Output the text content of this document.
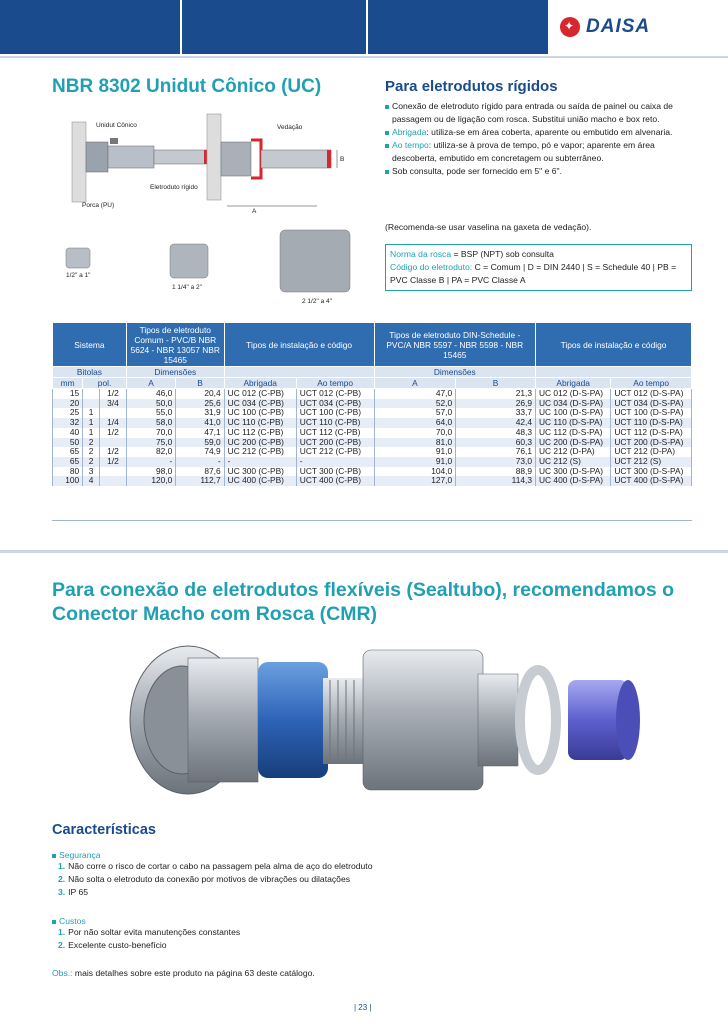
✦
DAISA
NBR 8302 Unidut Cônico (UC)
Unidut Cônico
Eletroduto rígido
Porca (PU)
Vedação
A
B
1/2" a 1"
1 1/4" a 2"
2 1/2" a 4"
Para eletrodutos rígidos
Conexão de eletroduto rígido para entrada ou saída de painel ou caixa de passagem ou de ligação com rosca. Substitui união macho e box reto.
Abrigada: utiliza-se em área coberta, aparente ou embutido em alvenaria.
Ao tempo: utiliza-se à prova de tempo, pó e vapor; aparente em área descoberta, embutido em concretagem ou subterrâneo.
Sob consulta, pode ser fornecido em 5" e 6".
(Recomenda-se usar vaselina na gaxeta de vedação).
Norma da rosca = BSP (NPT) sob consulta
Código do eletroduto: C = Comum | D = DIN 2440 | S = Schedule 40 | PB = PVC Classe B | PA = PVC Classe A
Sistema			Tipos de eletroduto Comum - PVC/B NBR 5624 - NBR 13057 NBR 15465		Tipos de instalação e código		Tipos de eletroduto DIN-Schedule - PVC/A NBR 5597 - NBR 5598 - NBR 15465		Tipos de instalação e código	
Bitolas			Dimensões				Dimensões			
mm	pol.		A	B	Abrigada	Ao tempo	A	B	Abrigada	Ao tempo
15		1/2	46,0	20,4	UC 012 (C-PB)	UCT 012 (C-PB)	47,0	21,3	UC 012 (D-S-PA)	UCT 012 (D-S-PA)
20		3/4	50,0	25,6	UC 034 (C-PB)	UCT 034 (C-PB)	52,0	26,9	UC 034 (D-S-PA)	UCT 034 (D-S-PA)
25	1		55,0	31,9	UC 100 (C-PB)	UCT 100 (C-PB)	57,0	33,7	UC 100 (D-S-PA)	UCT 100 (D-S-PA)
32	1	1/4	58,0	41,0	UC 110 (C-PB)	UCT 110 (C-PB)	64,0	42,4	UC 110 (D-S-PA)	UCT 110 (D-S-PA)
40	1	1/2	70,0	47,1	UC 112 (C-PB)	UCT 112 (C-PB)	70,0	48,3	UC 112 (D-S-PA)	UCT 112 (D-S-PA)
50	2		75,0	59,0	UC 200 (C-PB)	UCT 200 (C-PB)	81,0	60,3	UC 200 (D-S-PA)	UCT 200 (D-S-PA)
65	2	1/2	82,0	74,9	UC 212 (C-PB)	UCT 212 (C-PB)	91,0	76,1	UC 212 (D-PA)	UCT 212 (D-PA)
65	2	1/2	-	-	-	-	91,0	73,0	UC 212 (S)	UCT 212 (S)
80	3		98,0	87,6	UC 300 (C-PB)	UCT 300 (C-PB)	104,0	88,9	UC 300 (D-S-PA)	UCT 300 (D-S-PA)
100	4		120,0	112,7	UC 400 (C-PB)	UCT 400 (C-PB)	127,0	114,3	UC 400 (D-S-PA)	UCT 400 (D-S-PA)
Para conexão de eletrodutos flexíveis (Sealtubo), recomendamos o Conector Macho com Rosca (CMR)
Características
Segurança
1. Não corre o risco de cortar o cabo na passagem pela alma de aço do eletroduto
2. Não solta o eletroduto da conexão por motivos de vibrações ou dilatações
3. IP 65
Custos
1. Por não soltar evita manutenções constantes
2. Excelente custo-benefício
Obs.: mais detalhes sobre este produto na página 63 deste catálogo.
| 23 |
